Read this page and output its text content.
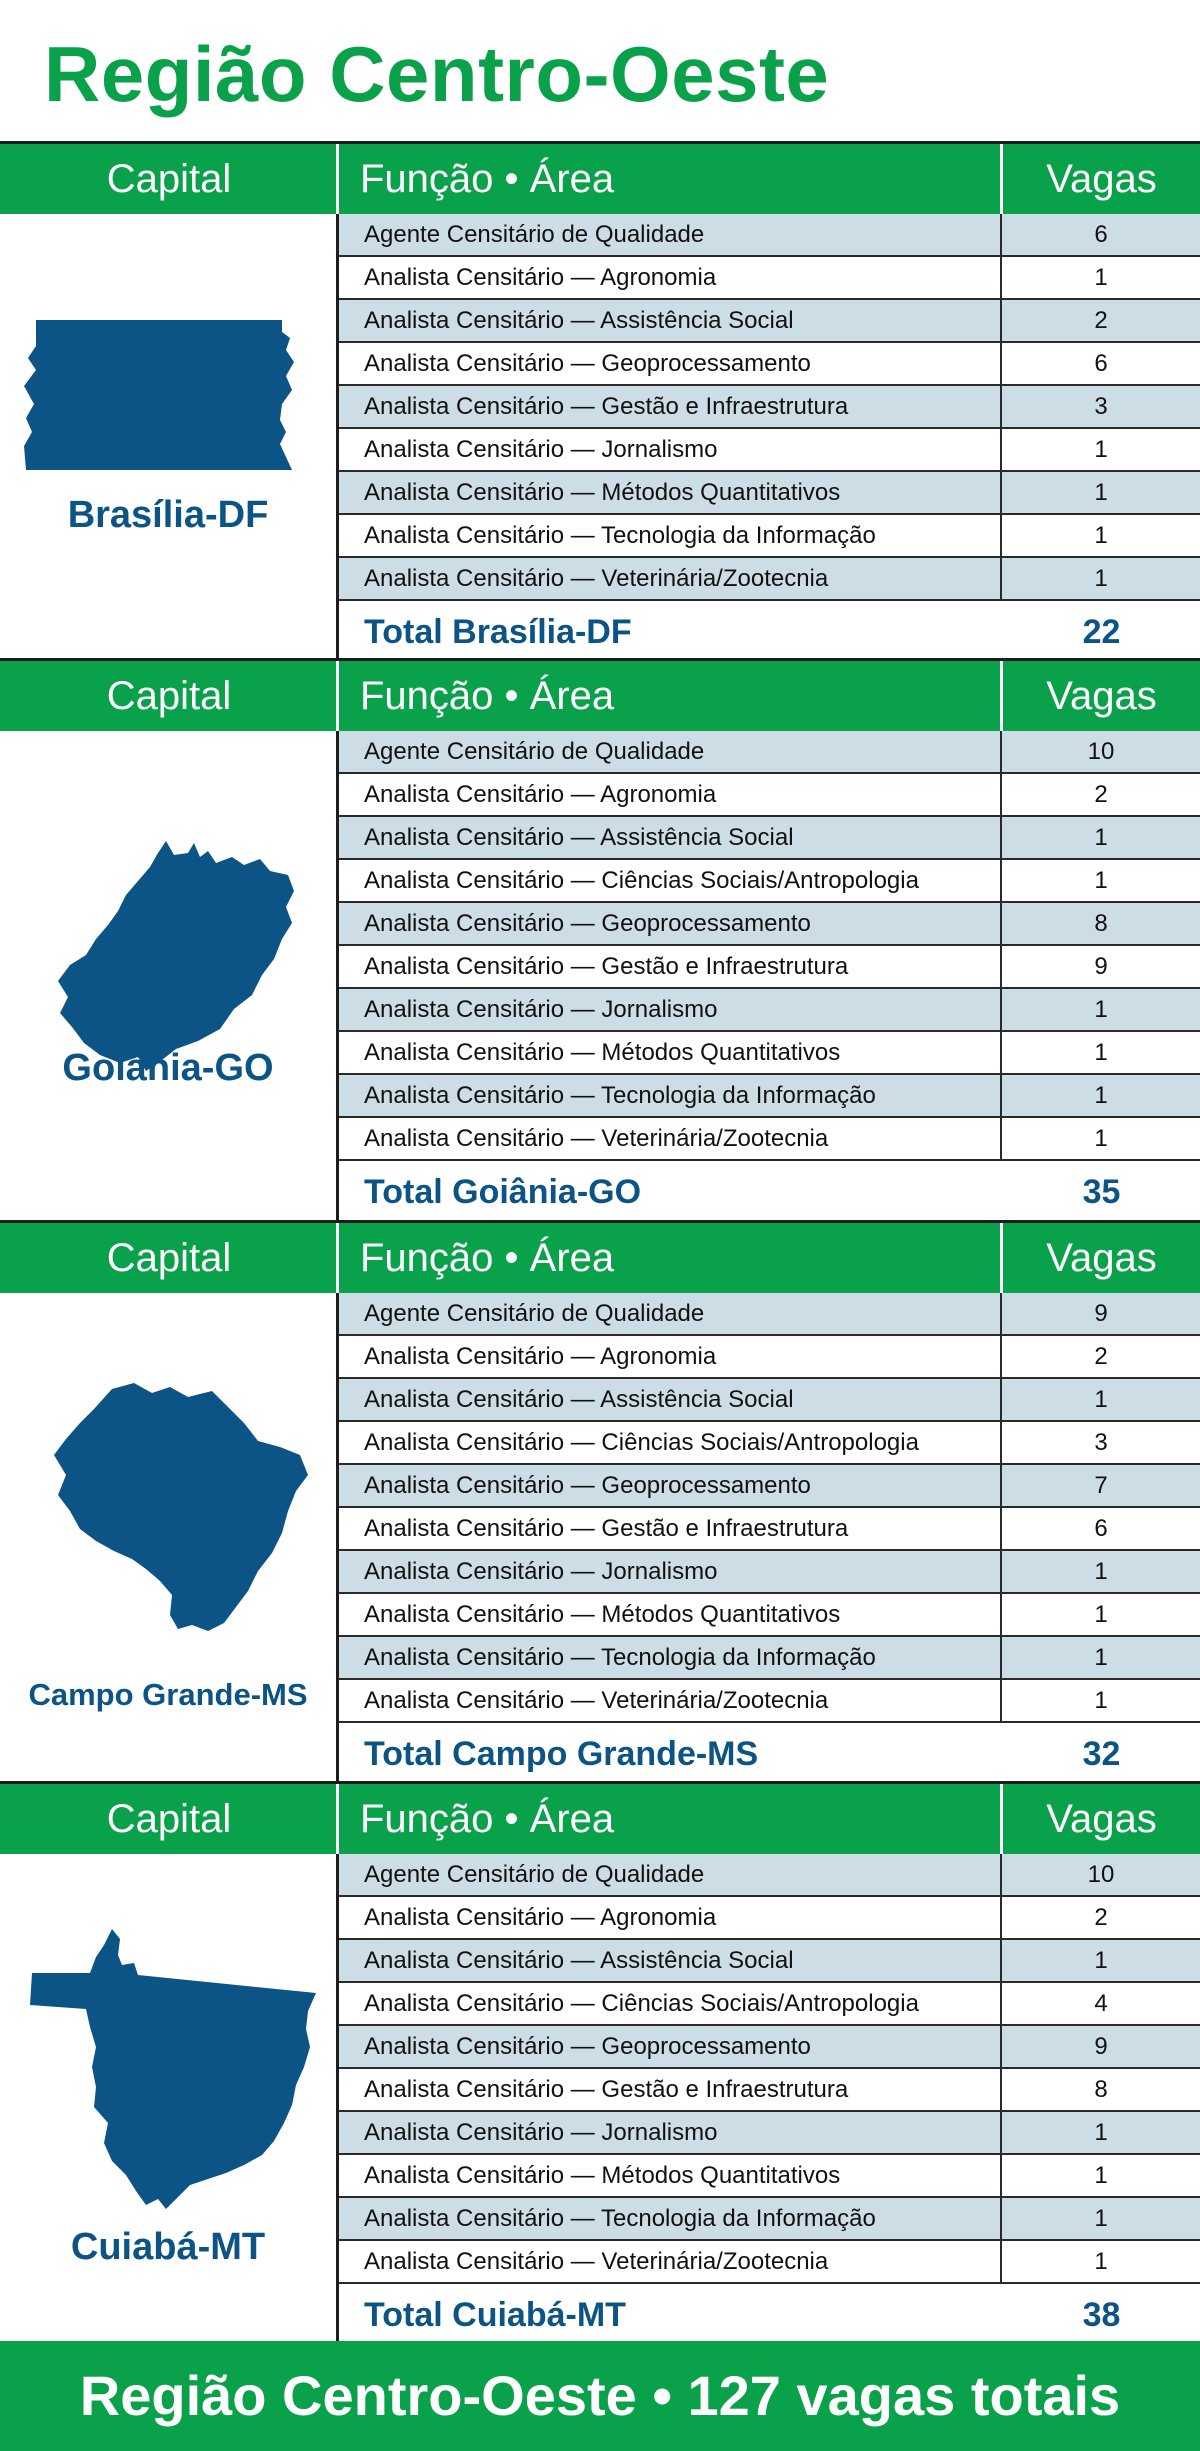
Região Centro-Oeste
Capital	Função • Área	Vagas
Brasília-DF
Agente Censitário de Qualidade	6
Analista Censitário — Agronomia	1
Analista Censitário — Assistência Social	2
Analista Censitário — Geoprocessamento	6
Analista Censitário — Gestão e Infraestrutura	3
Analista Censitário — Jornalismo	1
Analista Censitário — Métodos Quantitativos	1
Analista Censitário — Tecnologia da Informação	1
Analista Censitário — Veterinária/Zootecnia	1
Total Brasília-DF	22
Capital	Função • Área	Vagas
Goiânia-GO
Agente Censitário de Qualidade	10
Analista Censitário — Agronomia	2
Analista Censitário — Assistência Social	1
Analista Censitário — Ciências Sociais/Antropologia	1
Analista Censitário — Geoprocessamento	8
Analista Censitário — Gestão e Infraestrutura	9
Analista Censitário — Jornalismo	1
Analista Censitário — Métodos Quantitativos	1
Analista Censitário — Tecnologia da Informação	1
Analista Censitário — Veterinária/Zootecnia	1
Total Goiânia-GO	35
Capital	Função • Área	Vagas
Campo Grande-MS
Agente Censitário de Qualidade	9
Analista Censitário — Agronomia	2
Analista Censitário — Assistência Social	1
Analista Censitário — Ciências Sociais/Antropologia	3
Analista Censitário — Geoprocessamento	7
Analista Censitário — Gestão e Infraestrutura	6
Analista Censitário — Jornalismo	1
Analista Censitário — Métodos Quantitativos	1
Analista Censitário — Tecnologia da Informação	1
Analista Censitário — Veterinária/Zootecnia	1
Total Campo Grande-MS	32
Capital	Função • Área	Vagas
Cuiabá-MT
Agente Censitário de Qualidade	10
Analista Censitário — Agronomia	2
Analista Censitário — Assistência Social	1
Analista Censitário — Ciências Sociais/Antropologia	4
Analista Censitário — Geoprocessamento	9
Analista Censitário — Gestão e Infraestrutura	8
Analista Censitário — Jornalismo	1
Analista Censitário — Métodos Quantitativos	1
Analista Censitário — Tecnologia da Informação	1
Analista Censitário — Veterinária/Zootecnia	1
Total Cuiabá-MT	38
Região Centro-Oeste • 127 vagas totais
